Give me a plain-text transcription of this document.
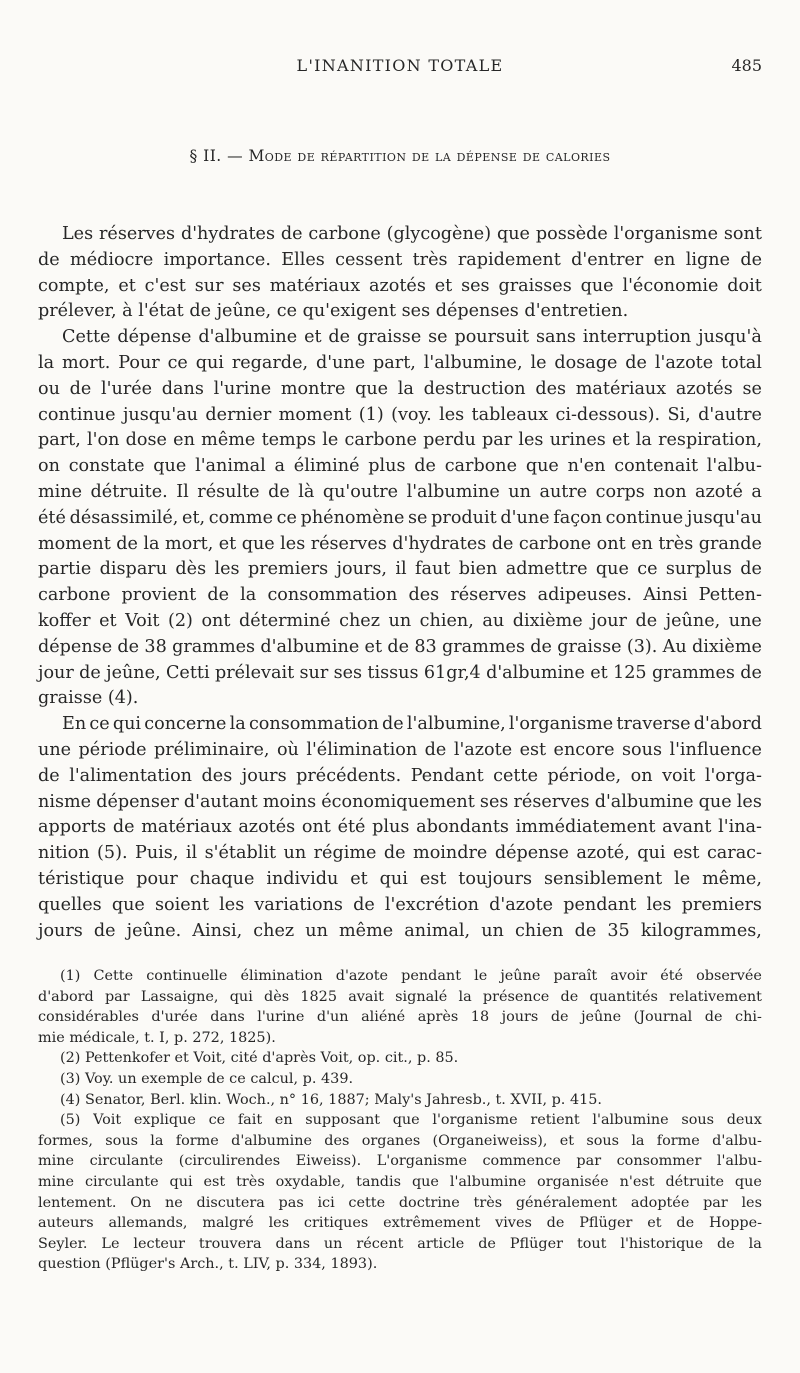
L'INANITION TOTALE	485
§ II. — Mode de répartition de la dépense de calories
Les réserves d'hydrates de carbone (glycogène) que possède l'organisme sont
de médiocre importance. Elles cessent très rapidement d'entrer en ligne de
compte, et c'est sur ses matériaux azotés et ses graisses que l'économie doit
prélever, à l'état de jeûne, ce qu'exigent ses dépenses d'entretien.
Cette dépense d'albumine et de graisse se poursuit sans interruption jusqu'à
la mort. Pour ce qui regarde, d'une part, l'albumine, le dosage de l'azote total
ou de l'urée dans l'urine montre que la destruction des matériaux azotés se
continue jusqu'au dernier moment (1) (voy. les tableaux ci-dessous). Si, d'autre
part, l'on dose en même temps le carbone perdu par les urines et la respiration,
on constate que l'animal a éliminé plus de carbone que n'en contenait l'albu-
mine détruite. Il résulte de là qu'outre l'albumine un autre corps non azoté a
été désassimilé, et, comme ce phénomène se produit d'une façon continue jusqu'au
moment de la mort, et que les réserves d'hydrates de carbone ont en très grande
partie disparu dès les premiers jours, il faut bien admettre que ce surplus de
carbone provient de la consommation des réserves adipeuses. Ainsi Petten-
koffer et Voit (2) ont déterminé chez un chien, au dixième jour de jeûne, une
dépense de 38 grammes d'albumine et de 83 grammes de graisse (3). Au dixième
jour de jeûne, Cetti prélevait sur ses tissus 61gr,4 d'albumine et 125 grammes de
graisse (4).
En ce qui concerne la consommation de l'albumine, l'organisme traverse d'abord
une période préliminaire, où l'élimination de l'azote est encore sous l'influence
de l'alimentation des jours précédents. Pendant cette période, on voit l'orga-
nisme dépenser d'autant moins économiquement ses réserves d'albumine que les
apports de matériaux azotés ont été plus abondants immédiatement avant l'ina-
nition (5). Puis, il s'établit un régime de moindre dépense azoté, qui est carac-
téristique pour chaque individu et qui est toujours sensiblement le même,
quelles que soient les variations de l'excrétion d'azote pendant les premiers
jours de jeûne. Ainsi, chez un même animal, un chien de 35 kilogrammes,
(1) Cette continuelle élimination d'azote pendant le jeûne paraît avoir été observée
d'abord par Lassaigne, qui dès 1825 avait signalé la présence de quantités relativement
considérables d'urée dans l'urine d'un aliéné après 18 jours de jeûne (Journal de chi-
mie médicale, t. I, p. 272, 1825).
(2) Pettenkofer et Voit, cité d'après Voit, op. cit., p. 85.
(3) Voy. un exemple de ce calcul, p. 439.
(4) Senator, Berl. klin. Woch., n° 16, 1887; Maly's Jahresb., t. XVII, p. 415.
(5) Voit explique ce fait en supposant que l'organisme retient l'albumine sous deux
formes, sous la forme d'albumine des organes (Organeiweiss), et sous la forme d'albu-
mine circulante (circulirendes Eiweiss). L'organisme commence par consommer l'albu-
mine circulante qui est très oxydable, tandis que l'albumine organisée n'est détruite que
lentement. On ne discutera pas ici cette doctrine très généralement adoptée par les
auteurs allemands, malgré les critiques extrêmement vives de Pflüger et de Hoppe-
Seyler. Le lecteur trouvera dans un récent article de Pflüger tout l'historique de la
question (Pflüger's Arch., t. LIV, p. 334, 1893).
